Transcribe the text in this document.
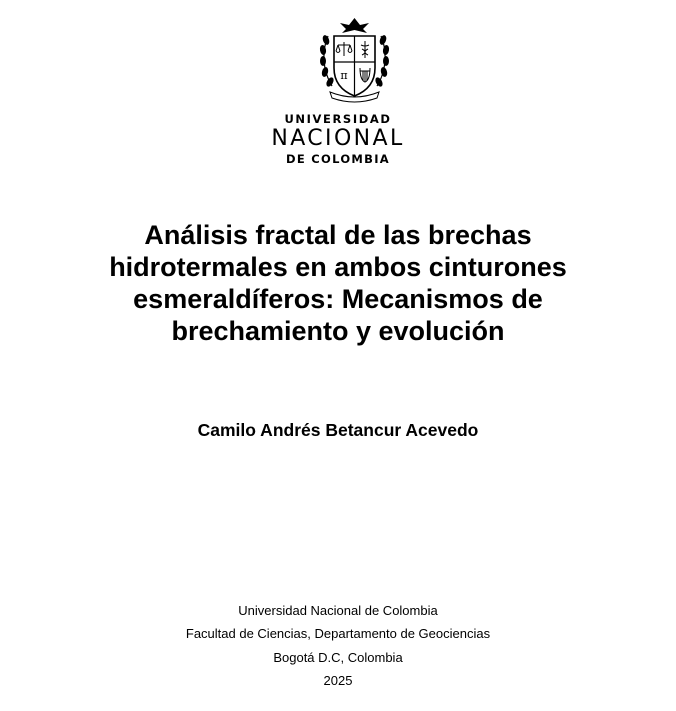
π
UNIVERSIDAD
NACIONAL
DE COLOMBIA
Análisis fractal de las brechas hidrotermales en ambos cinturones esmeraldíferos: Mecanismos de brechamiento y evolución
Camilo Andrés Betancur Acevedo
Universidad Nacional de Colombia
Facultad de Ciencias, Departamento de Geociencias
Bogotá D.C, Colombia
2025
